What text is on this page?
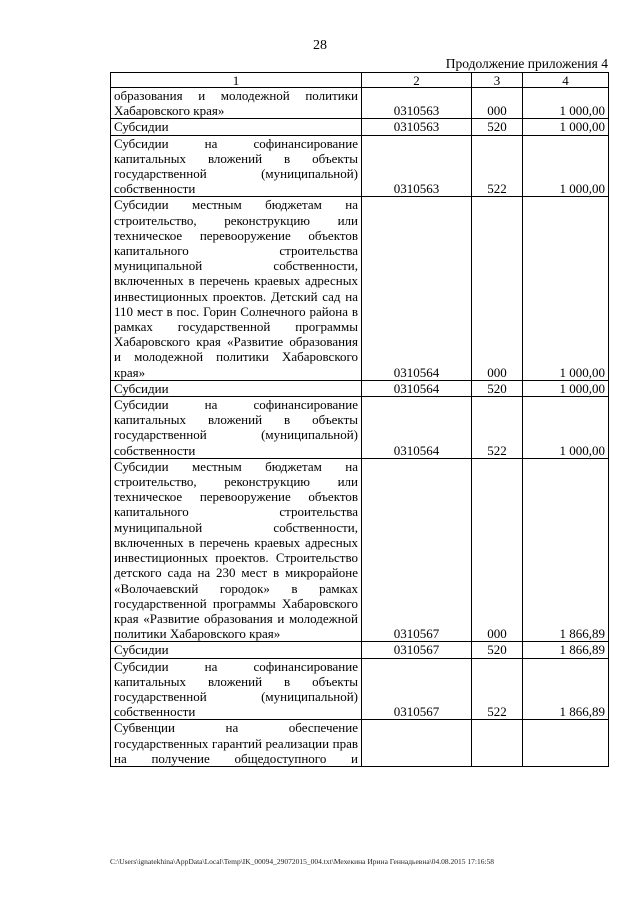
28
Продолжение приложения 4
1	2	3	4
образования и молодежной политики Хабаровского края»	0310563	000	1 000,00
Субсидии	0310563	520	1 000,00
Субсидии на софинансирование капитальных вложений в объекты государственной (муниципальной) собственности	0310563	522	1 000,00
Субсидии местным бюджетам на строительство, реконструкцию или техническое перевооружение объектов капитального строительства муниципальной собственности, включенных в перечень краевых адресных инвестиционных проектов. Детский сад на 110 мест в пос. Горин Солнечного района в рамках государственной программы Хабаровского края «Развитие образования и молодежной политики Хабаровского края»	0310564	000	1 000,00
Субсидии	0310564	520	1 000,00
Субсидии на софинансирование капитальных вложений в объекты государственной (муниципальной) собственности	0310564	522	1 000,00
Субсидии местным бюджетам на строительство, реконструкцию или техническое перевооружение объектов капитального строительства муниципальной собственности, включенных в перечень краевых адресных инвестиционных проектов. Строительство детского сада на 230 мест в микрорайоне «Волочаевский городок» в рамках государственной программы Хабаровского края «Развитие образования и молодежной политики Хабаровского края»	0310567	000	1 866,89
Субсидии	0310567	520	1 866,89
Субсидии на софинансирование капитальных вложений в объекты государственной (муниципальной) собственности	0310567	522	1 866,89
Субвенции на обеспечение государственных гарантий реализации прав на получение общедоступного и			
C:\Users\ignatekhina\AppData\Local\Temp\IK_00094_29072015_004.txt\Мехекина Ирина Геннадьевна\04.08.2015 17:16:58
